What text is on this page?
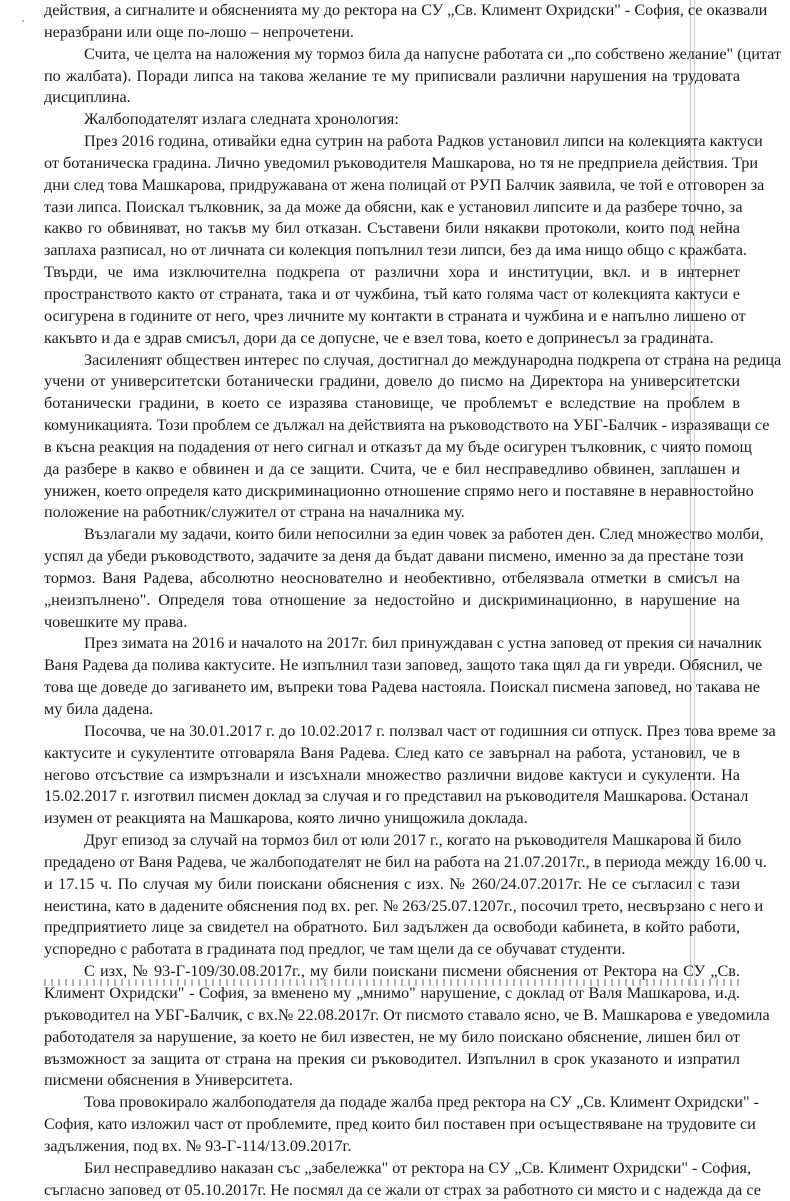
действия, а сигналите и обясненията му до ректора на СУ „Св. Климент Охридски" - София, се оказвали
неразбрани или още по-лошо – непрочетени.
Счита, че целта на наложения му тормоз била да напусне работата си „по собствено желание" (цитат
по жалбата). Поради липса на такова желание те му приписвали различни нарушения на трудовата
дисциплина.
Жалбоподателят излага следната хронология:
През 2016 година, отивайки една сутрин на работа Радков установил липси на колекцията кактуси
от ботаническа градина. Лично уведомил ръководителя Машкарова, но тя не предприела действия. Три
дни след това Машкарова, придружавана от жена полицай от РУП Балчик заявила, че той е отговорен за
тази липса. Поискал тълковник, за да може да обясни, как е установил липсите и да разбере точно, за
какво го обвиняват, но такъв му бил отказан. Съставени били някакви протоколи, които под нейна
заплаха разписал, но от личната си колекция попълнил тези липси, без да има нищо общо с кражбата.
Твърди, че има изключителна подкрепа от различни хора и институции, вкл. и в интернет
пространството както от страната, така и от чужбина, тъй като голяма част от колекцията кактуси е
осигурена в годините от него, чрез личните му контакти в страната и чужбина и е напълно лишено от
какъвто и да е здрав смисъл, дори да се допусне, че е взел това, което е допринесъл за градината.
Засиленият обществен интерес по случая, достигнал до международна подкрепа от страна на редица
учени от университетски ботанически градини, довело до писмо на Директора на университетски
ботанически градини, в което се изразява становище, че проблемът е вследствие на проблем в
комуникацията. Този проблем се дължал на действията на ръководството на УБГ-Балчик - изразяващи се
в късна реакция на подадения от него сигнал и отказът да му бъде осигурен тълковник, с чиято помощ
да разбере в какво е обвинен и да се защити. Счита, че е бил несправедливо обвинен, заплашен и
унижен, което определя като дискриминационно отношение спрямо него и поставяне в неравностойно
положение на работник/служител от страна на началника му.
Възлагали му задачи, които били непосилни за един човек за работен ден. След множество молби,
успял да убеди ръководството, задачите за деня да бъдат давани писмено, именно за да престане този
тормоз. Ваня Радева, абсолютно неоснователно и необективно, отбелязвала отметки в смисъл на
„неизпълнено". Определя това отношение за недостойно и дискриминационно, в нарушение на
човешките му права.
През зимата на 2016 и началото на 2017г. бил принуждаван с устна заповед от прекия си началник
Ваня Радева да полива кактусите. Не изпълнил тази заповед, защото така щял да ги увреди. Обяснил, че
това ще доведе до загиването им, въпреки това Радева настояла. Поискал писмена заповед, но такава не
му била дадена.
Посочва, че на 30.01.2017 г. до 10.02.2017 г. ползвал част от годишния си отпуск. През това време за
кактусите и сукулентите отговаряла Ваня Радева. След като се завърнал на работа, установил, че в
негово отсъствие са измръзнали и изсъхнали множество различни видове кактуси и сукуленти. На
15.02.2017 г. изготвил писмен доклад за случая и го представил на ръководителя Машкарова. Останал
изумен от реакцията на Машкарова, която лично унищожила доклада.
Друг епизод за случай на тормоз бил от юли 2017 г., когато на ръководителя Машкарова й било
предадено от Ваня Радева, че жалбоподателят не бил на работа на 21.07.2017г., в периода между 16.00 ч.
и 17.15 ч. По случая му били поискани обяснения с изх. № 260/24.07.2017г. Не се съгласил с тази
неистина, като в дадените обяснения под вх. рег. № 263/25.07.1207г., посочил трето, несвързано с него и
предприятието лице за свидетел на обратното. Бил задължен да освободи кабинета, в който работи,
успоредно с работата в градината под предлог, че там щели да се обучават студенти.
С изх, № 93-Г-109/30.08.2017г., му били поискани писмени обяснения от Ректора на СУ „Св.
Климент Охридски" - София, за вменено му „мнимо" нарушение, с доклад от Валя Машкарова, и.д.
ръководител на УБГ-Балчик, с вх.№ 22.08.2017г. От писмото ставало ясно, че В. Машкарова е уведомила
работодателя за нарушение, за което не бил известен, не му било поискано обяснение, лишен бил от
възможност за защита от страна на прекия си ръководител. Изпълнил в срок указаното и изпратил
писмени обяснения в Университета.
Това провокирало жалбоподателя да подаде жалба пред ректора на СУ „Св. Климент Охридски" -
София, като изложил част от проблемите, пред които бил поставен при осъществяване на трудовите си
задължения, под вх. № 93-Г-114/13.09.2017г.
Бил несправедливо наказан със „забележка" от ректора на СУ „Св. Климент Охридски" - София,
съгласно заповед от 05.10.2017г. Не посмял да се жали от страх за работното си място и с надежда да се
